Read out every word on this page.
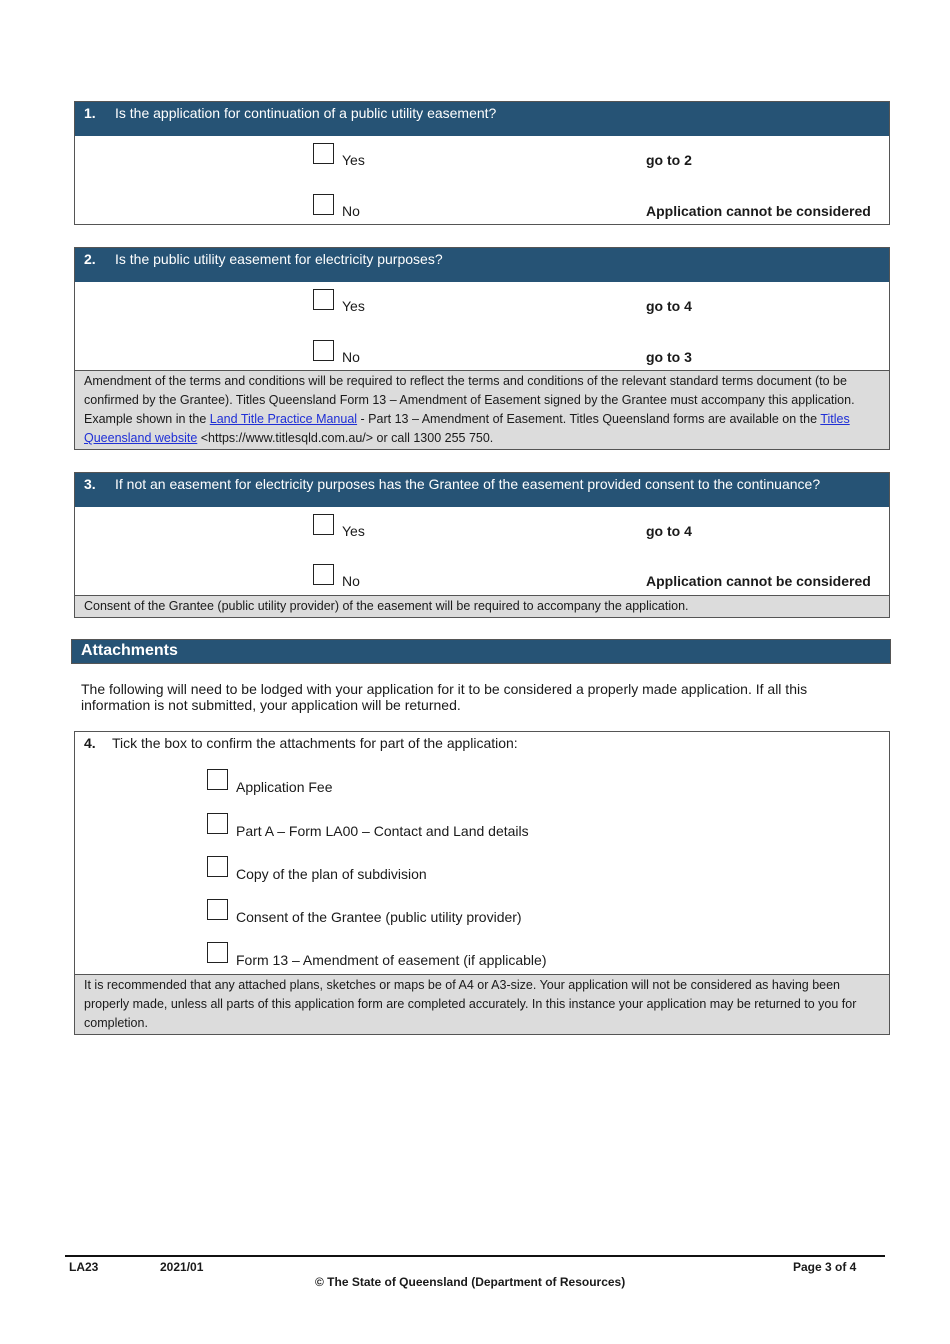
1. Is the application for continuation of a public utility easement?
Yes	go to 2
No	Application cannot be considered
2. Is the public utility easement for electricity purposes?
Yes	go to 4
No	go to 3
Amendment of the terms and conditions will be required to reflect the terms and conditions of the relevant standard terms document (to be confirmed by the Grantee). Titles Queensland Form 13 – Amendment of Easement signed by the Grantee must accompany this application. Example shown in the Land Title Practice Manual - Part 13 – Amendment of Easement. Titles Queensland forms are available on the Titles Queensland website <https://www.titlesqld.com.au/> or call 1300 255 750.
3. If not an easement for electricity purposes has the Grantee of the easement provided consent to the continuance?
Yes	go to 4
No	Application cannot be considered
Consent of the Grantee (public utility provider) of the easement will be required to accompany the application.
Attachments
The following will need to be lodged with your application for it to be considered a properly made application. If all this information is not submitted, your application will be returned.
4. Tick the box to confirm the attachments for part of the application:
Application Fee
Part A – Form LA00 – Contact and Land details
Copy of the plan of subdivision
Consent of the Grantee (public utility provider)
Form 13 – Amendment of easement (if applicable)
It is recommended that any attached plans, sketches or maps be of A4 or A3-size. Your application will not be considered as having been properly made, unless all parts of this application form are completed accurately. In this instance your application may be returned to you for completion.
LA23	2021/01	Page 3 of 4
© The State of Queensland (Department of Resources)
